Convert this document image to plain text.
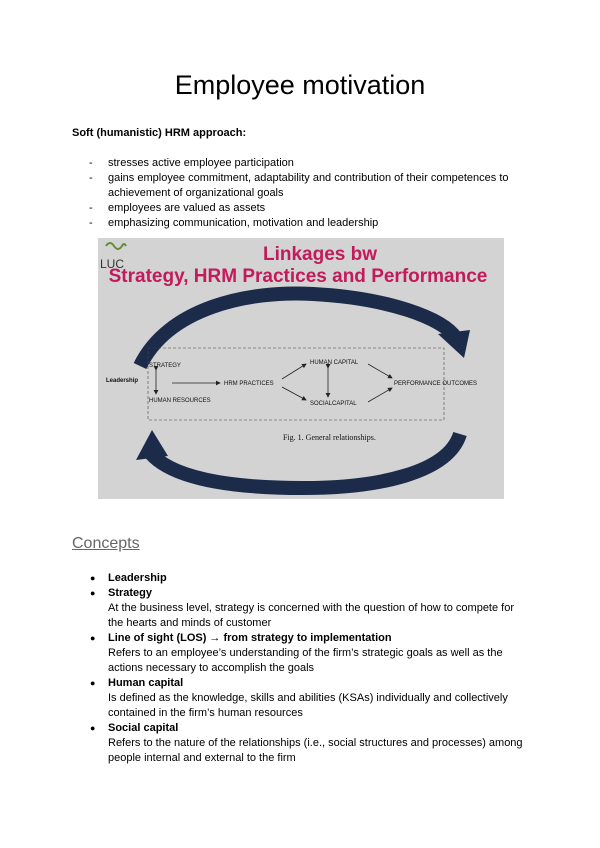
Employee motivation

Soft (humanistic) HRM approach:

- stresses active employee participation
- gains employee commitment, adaptability and contribution of their competences to achievement of organizational goals
- employees are valued as assets
- emphasizing communication, motivation and leadership
LUC	Linkages bw
Strategy, HRM Practices and Performance
Leadership
STRATEGY
HUMAN RESOURCES
HRM PRACTICES
HUMAN CAPITAL
SOCIALCAPITAL
PERFORMANCE OUTCOMES
Fig. 1. General relationships.
Concepts
● Leadership
● Strategy
At the business level, strategy is concerned with the question of how to compete for the hearts and minds of customer
● Line of sight (LOS) → from strategy to implementation
Refers to an employee’s understanding of the firm’s strategic goals as well as the actions necessary to accomplish the goals
● Human capital
Is defined as the knowledge, skills and abilities (KSAs) individually and collectively contained in the firm’s human resources
● Social capital
Refers to the nature of the relationships (i.e., social structures and processes) among people internal and external to the firm
